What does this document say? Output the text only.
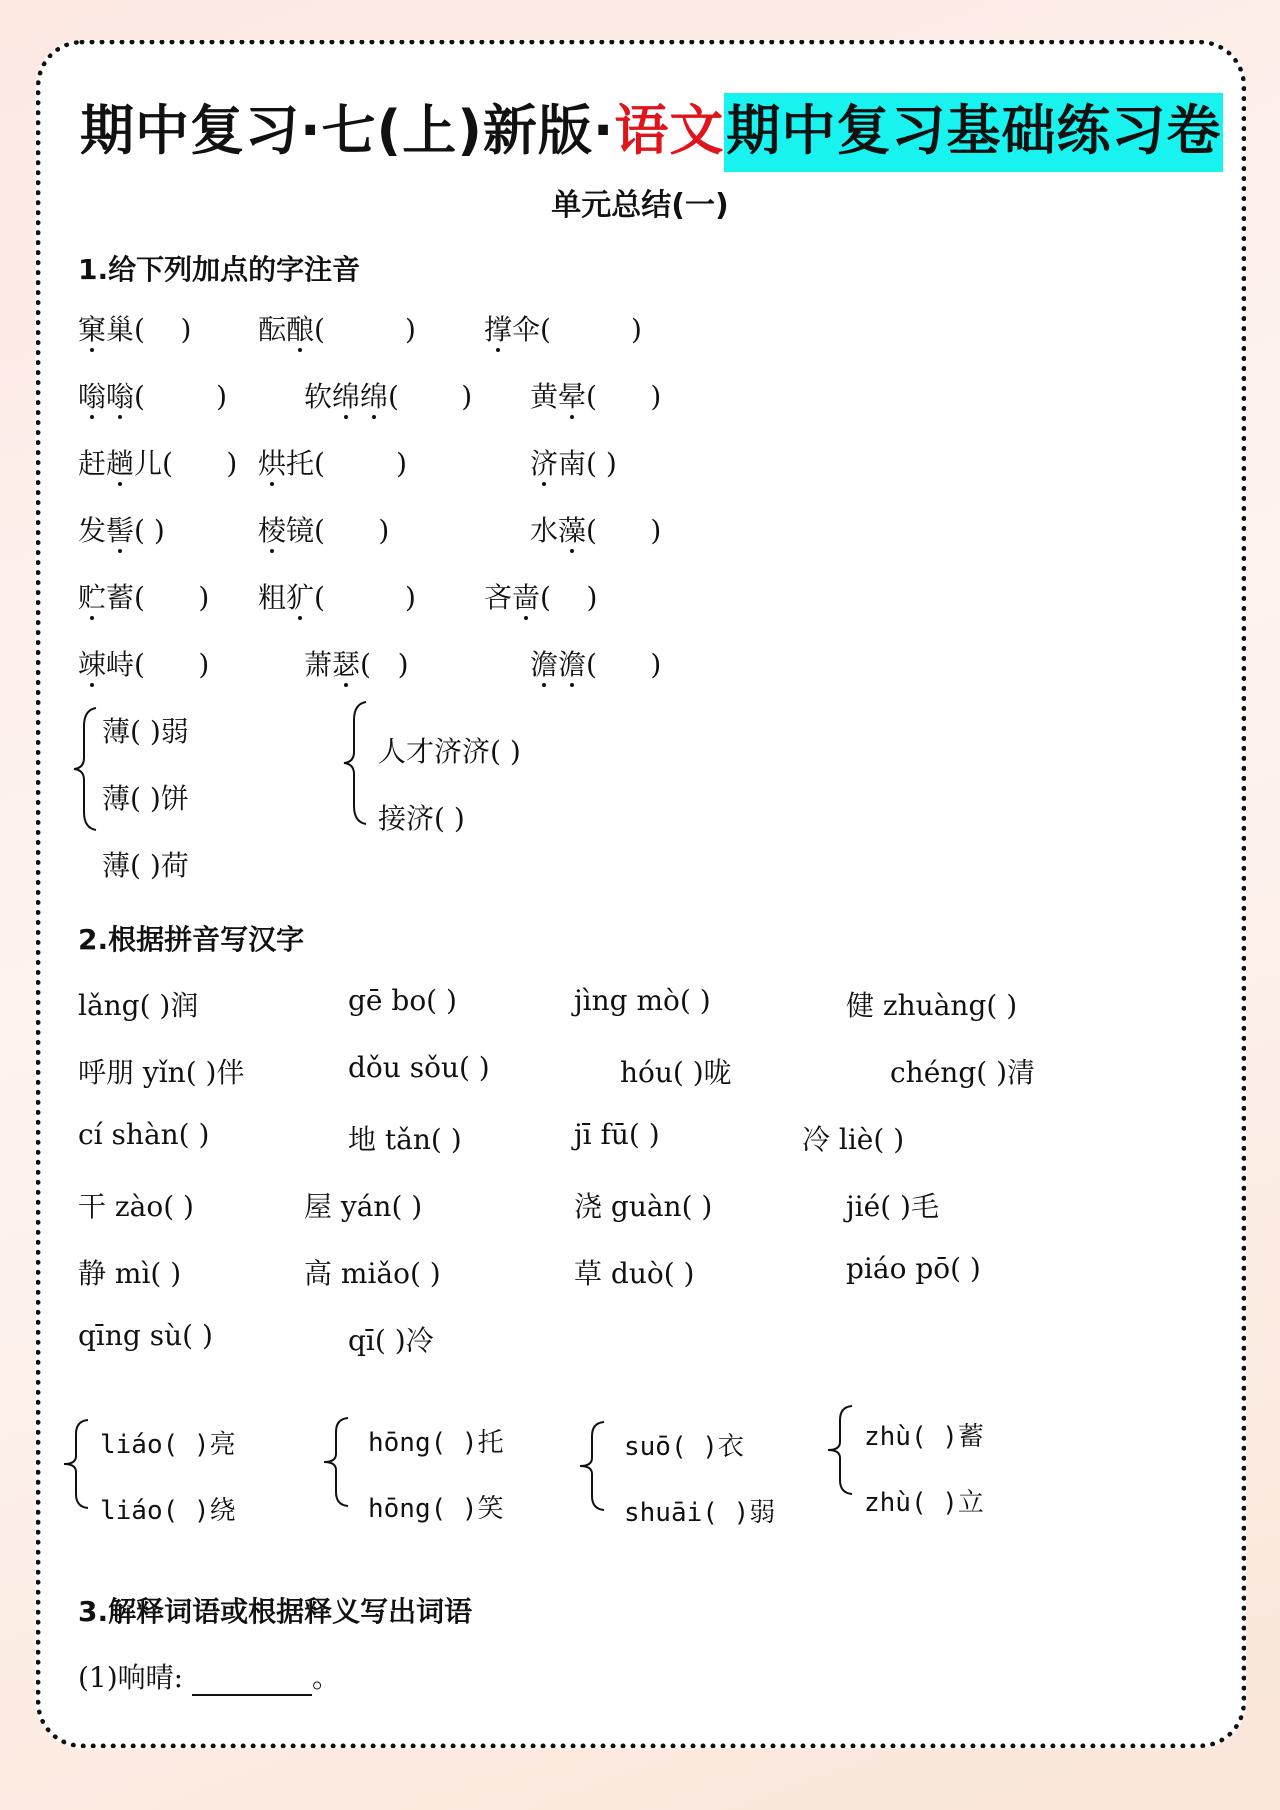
期中复习·七(上)新版·语文期中复习基础练习卷
单元总结(一)
1.给下列加点的字注音
窠巢(    ) 酝酿(         ) 撑伞(         )
嗡嗡(        )	软绵绵(       ) 黄晕(      )
赶趟儿(      ) 烘托(        )	济南( )
发髻( )	棱镜(      )	水藻(      )
贮蓄(      ) 粗犷(         ) 吝啬(    )
竦峙(      )	萧瑟(   )	澹澹(      )
薄( )弱
薄( )饼
薄( )荷
人才济济( )
接济( )
2.根据拼音写汉字
lǎng( )润	gē bo( )	jìng mò( )	健 zhuàng( )
呼朋 yǐn( )伴	dǒu sǒu( )	hóu( )咙	chéng( )清
cí shàn( )	地 tǎn( )	jī fū( )	冷 liè( )
干 zào( )	屋 yán( )	浇 guàn( )	jié( )毛
静 mì( )	高 miǎo( )	草 duò( )	piáo pō( )
qīng sù( )	qī( )冷
liáo( )亮
liáo( )绕
hōng( )托
hōng( )笑
suō( )衣
shuāi( )弱
zhù( )蓄
zhù( )立
3.解释词语或根据释义写出词语
(1)响晴:	。
